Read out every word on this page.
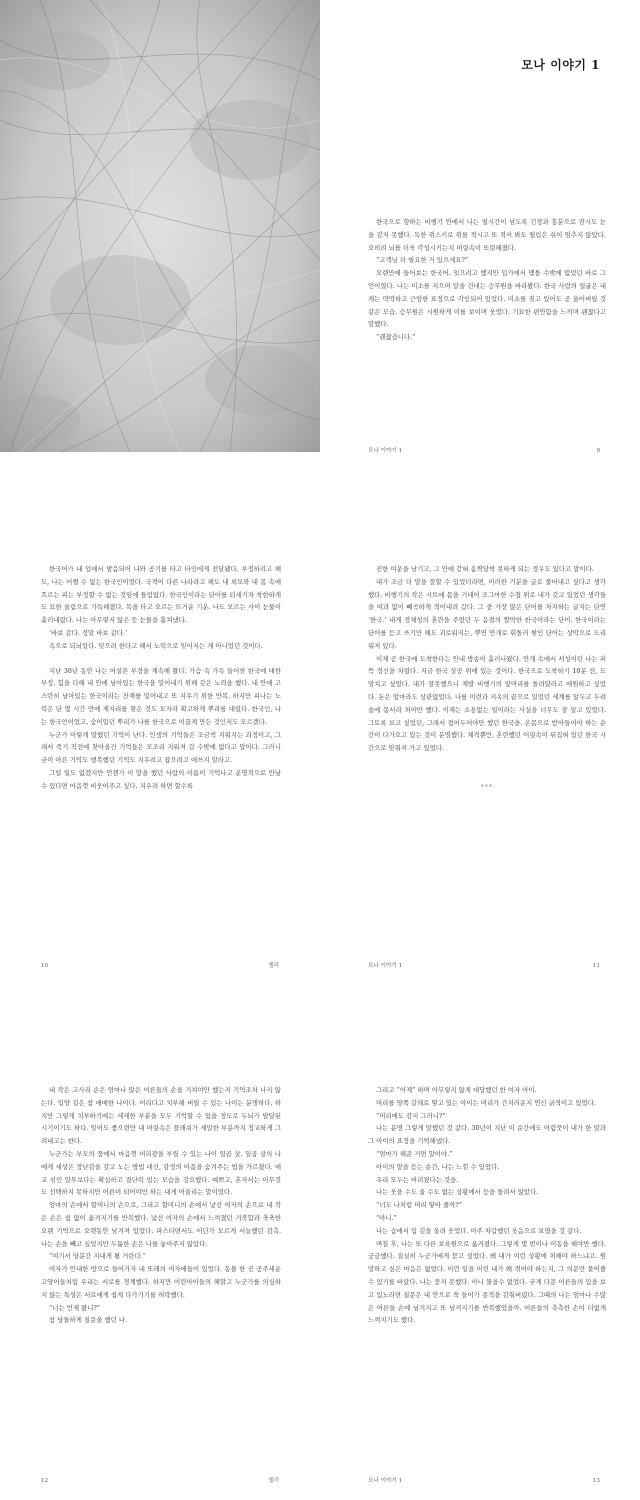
모나 이야기 1

한국으로 향하는 비행기 안에서 나는 열시간이 넘도록 긴장과 흥분으로 잠시도 눈을 감지 못했다. 독한 위스키로 위를 적시고 또 적셔 봐도 떨림은 쉬이 멈추지 않았다. 오히려 뇌를 더욱 각성시키는지 머릿속이 또렷해졌다.

“고객님 더 필요한 거 있으세요?”

오랜만에 들어보는 한국어. 잊으려고 했지만 입가에서 맴돌 수밖에 없었던 바로 그 언어였다. 나는 미소를 지으며 말을 건네는 승무원을 바라봤다. 한국 사람의 얼굴은 내게는 딱딱하고 근엄한 표정으로 각인되어 있었다. 미소를 짓고 있어도 곧 울어버릴 것 같은 모습. 승무원은 시원하게 이를 보이며 웃었다. 기묘한 편안함을 느끼며 괜찮다고 말했다.

“괜찮습니다.”

모나 이야기 1	9

한국어가 내 입에서 발음되어 나와 공기를 타고 타인에게 전달됐다. 부정하려고 해도, 나는 어쩔 수 없는 한국인이었다. 국적이 다른 나라라고 해도 내 외모와 내 몸 속에 흐르는 피는 부정할 수 없는 것임에 틀림없다. 한국인이라는 단어를 되새기자 착한하게도 묘한 울림으로 가득해졌다. 목을 타고 오르는 뜨거운 기운. 나도 모르는 사이 눈물이 흘러내렸다. 나는 아무렇지 않은 듯 눈물을 훔쳐냈다.

‘바보 같다. 정말 바보 같다.’

속으로 되뇌었다. 잊으려 한다고 해서 노력으로 잊어지는 게 아니었던 것이다.

지난 30년 동안 나는 어설픈 부정을 계속해 왔다. 가슴 속 가득 들어찬 한국에 대한 부정. 힘을 다해 내 안에 남아있는 한국을 밀어내기 위해 갖은 노력을 했다. 내 안에 고스란히 남아있는 한국이라는 잔재를 밀어내고 또 지우기 위한 반복. 하지만 피나는 노력은 단 몇 시간 만에 제자리를 찾은 것도 모자라 확고하게 뿌리를 내렸다. 한국인, 나는 한국인이었고, 숨어있던 뿌리가 나를 한국으로 이끌게 만든 것인지도 모르겠다.

누군가 이렇게 말했던 기억이 난다. 인생의 기억들은 조금씩 지워지는 과정이고, 그래서 죽기 직전에 찾아올건 기억들은 모조리 지워져 갈 수밖에 없다고 말이다. 그러니 굳이 아픈 기억도 행복했던 기억도 지우려고 잡으려고 애쓰지 말라고.

그럴 일도 없겠지만 언젠가 이 말을 했던 사람의 이름이 기억나고 운명적으로 만날 수 있다면 마음껏 비웃어주고 싶다. 지우려 하면 할수록

10	엘리

진한 여운을 남기고, 그 안에 갇혀 옴짝달싹 못하게 되는 경우도 있다고 말이다.

내가 조금 더 말을 잘할 수 있었더라면, 이러한 기분을 글로 풀어내고 싶다고 생각했다. 비행기의 작은 시트에 몸을 기대어 조그마한 수첩 위로 내가 갖고 있었던 생각들을 여과 없이 빼곡하게 적어내려 갔다. 그 중 가장 많은 단어를 차지하는 글자는 단연 ‘한국.’ 내게 정체성의 혼란을 주었던 두 음절의 짤막한 한국이라는 단어. 한국이라는 단어를 듣고 쓰기만 해도 괴로워지는, 뿌연 안개로 휘돌러 쌓인 단어는 상막으로 드리워져 있다.

이제 곧 한국에 도착한다는 안내 방송이 흘러나왔다. 안개 속에서 서성이던 나는 퍼뜩 정신을 차렸다. 지금 한국 상공 위에 있는 것이다. 한국으로 도착하기 10분 전, 도망치고 싶었다. 내가 잘못했으니 제발 비행기의 앞머리를 돌려달라고 애원하고 싶었다. 돈은 얼마라도 상관없었다. 나를 미련과 지옥의 끝으로 밀었던 세계를 앞두고 두려움에 몸서리 쳐야만 했다. 이제는 소용없는 일이라는 사실을 너무도 잘 알고 있었다. 그토록 보고 싶었던, 그래서 접어두어야만 했던 한국을. 온몸으로 받아들여야 하는 순간이 다가오고 있는 것이 분명했다. 체격뿐만, 혼란했던 어릿속이 뒤집혀 있던 한국 시간으로 맞춰져 가고 있었다.

***

모나 이야기 1	11

내 작은 고사리 손은 엄마나 많은 어른들의 손을 거쳐야만 했는지 기억조차 나지 않는다. 입양 길은 참 애매한 나이다. 어리다고 치부해 버릴 수 있는 나이는 분명하다. 하지만 그렇게 치부하기에는 세세한 부분을 모두 기억할 수 있을 정도로 두뇌가 발달된 시기이기도 하다. 잊어도 좋으련만 내 머릿속은 플래쉬가 세밀한 부분까지 정교하게 그려내고는 한다.

누군가는 부모의 품에서 마음껏 어리광을 부릴 수 있는 나이 일곱 살. 일곱 살의 나에게 세상은 장난감을 갖고 노는 방법 대신, 감정의 아픔을 숨겨주는 법을 가르쳤다. 애교 섞인 말투보다는 확실하고 결단력 있는 모습을 강요했다. 예쁘고, 혼자서는 아무것도 선택하지 못하지만 어른이 되어야만 하는 내게 어울리는 말이었다.

엄마의 손에서 할머니의 손으로, 그리고 할머니의 손에서 낯선 여자의 손으로 내 작은 손은 쉼 없이 옮겨지기를 반복했다. 낯선 여자의 손에서 느껴졌던 거북함과 축축한 오랜 기억으로 오랫동안 남겨져 있었다. 파스타면서도 어딘가 모르게 서늘했던 감촉. 나는 손을 빼고 싶었지만 두툼한 손은 나를 놓아주지 않았다.

“여기서 당분간 지내게 될 거란다.”

여자가 안내한 방으로 들어가자 내 또래의 여자애들이 있었다. 동물 한 곳 공주세운 고양이들처럼 우리는 서로를 경계했다. 하지만 어린아이들의 해맑고 누군가를 의심하지 않는 특성은 서로에게 쉽게 다가가기를 허락했다.

“너는 언제 왔니?”

참 당돌하게 질문을 했던 나.

12	엘리

그리고 “어제” 하며 아무렇지 않게 대답했던 한 여자 아이.

머리를 양쪽 갈래로 땋고 있는 아이는 머리가 간지러운지 연신 긁적이고 있었다.

“머리에도 감지 그러니?”

나는 분명 그렇게 말했던 것 같다. 30년이 지난 이 순간에도 어렴풋이 내가 한 말과 그 아이의 표정을 기억해냈다.

“엄마가 해준 거면 말이야.”

아이의 말을 듣는 순간, 나는 느낌 수 있었다.

우리 모두는 버려졌다는 것을.

나는 웃을 수도 울 수도 없는 상황에서 등을 돌려서 앉았다.

“너도 나처럼 머리 땋아 줄까?”

“아니.”

나는 습에서 입 김을 올려 웃었다. 아주 차갑했던 웃음으로 보였을 것 같다.

며칠 후, 나는 또 다른 보육원으로 옮겨졌다. 그렇게 몇 번이나 이동을 해야만 했다. 궁금했다. 질실히 누군가에게 묻고 싶었다. 왜 내가 이런 상황에 처해야 하느냐고. 원망하고 싶은 마음은 없었다. 이런 일을 어린 내가 왜 겪어야 하는지, 그 의문만 풀어줄 수 있기를 바랐다. 나는 묻지 못했다. 아니 물을수 없었다. 굳게 다문 어른들의 입을 보고 있노라면 질문은 내 안으로 쑥 들어가 종적을 감춰버렸다. 그때의 나는 엄마나 수많은 어른들 손에 넘겨지고 또 넘겨지기를 반복했었을까. 어른들의 측측한 손이 더없게 느껴지기도 했다.

모나 이야기 1	13
